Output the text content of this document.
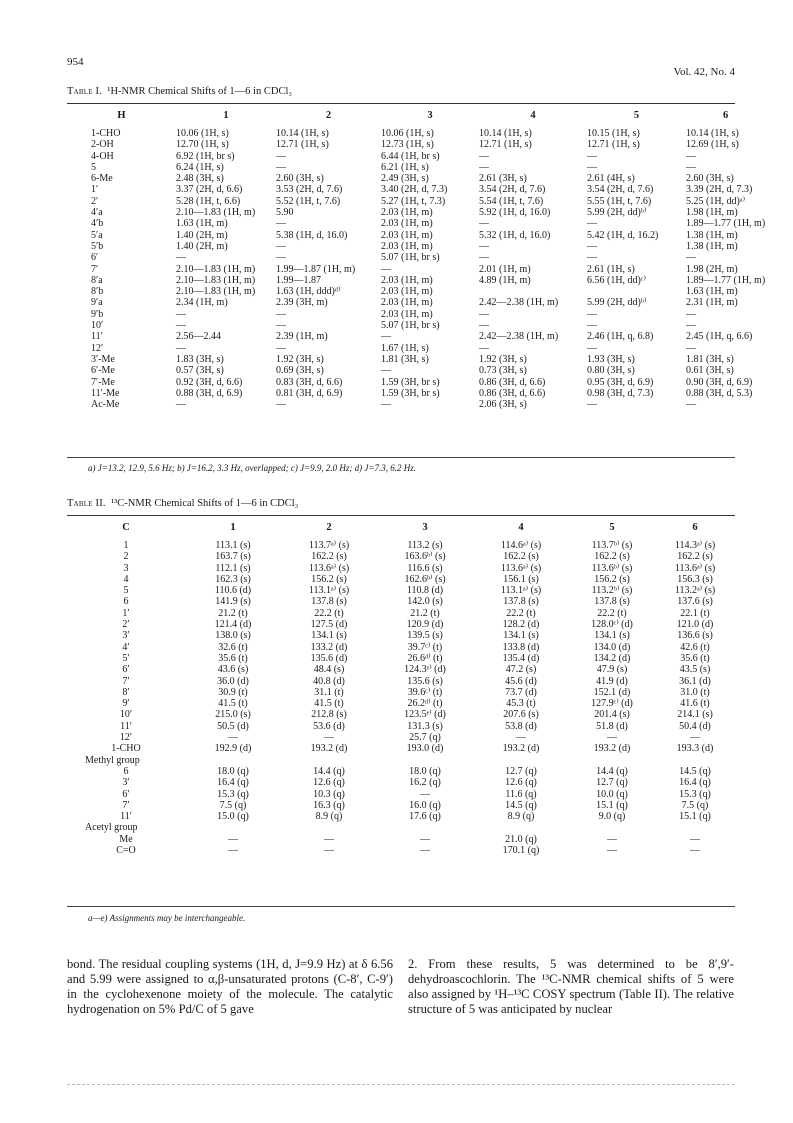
954
Vol. 42, No. 4
Table I. ¹H-NMR Chemical Shifts of 1—6 in CDCl₃
H	1	2	3	4	5	6
1-CHO	10.06 (1H, s)	10.14 (1H, s)	10.06 (1H, s)	10.14 (1H, s)	10.15 (1H, s)	10.14 (1H, s)
2-OH	12.70 (1H, s)	12.71 (1H, s)	12.73 (1H, s)	12.71 (1H, s)	12.71 (1H, s)	12.69 (1H, s)
4-OH	6.92 (1H, br s)	—	6.44 (1H, br s)	—	—	—
5	6.24 (1H, s)	—	6.21 (1H, s)	—	—	—
6-Me	2.48 (3H, s)	2.60 (3H, s)	2.49 (3H, s)	2.61 (3H, s)	2.61 (4H, s)	2.60 (3H, s)
1′	3.37 (2H, d, 6.6)	3.53 (2H, d, 7.6)	3.40 (2H, d, 7.3)	3.54 (2H, d, 7.6)	3.54 (2H, d, 7.6)	3.39 (2H, d, 7.3)
2′	5.28 (1H, t, 6.6)	5.52 (1H, t, 7.6)	5.27 (1H, t, 7.3)	5.54 (1H, t, 7.6)	5.55 (1H, t, 7.6)	5.25 (1H, dd)ᵃ⁾
4′a	2.10—1.83 (1H, m)	5.90	2.03 (1H, m)	5.92 (1H, d, 16.0)	5.99 (2H, dd)ᵇ⁾	1.98 (1H, m)
4′b	1.63 (1H, m)	—	2.03 (1H, m)	—	—	1.89—1.77 (1H, m)
5′a	1.40 (2H, m)	5.38 (1H, d, 16.0)	2.03 (1H, m)	5.32 (1H, d, 16.0)	5.42 (1H, d, 16.2)	1.38 (1H, m)
5′b	1.40 (2H, m)	—	2.03 (1H, m)	—	—	1.38 (1H, m)
6′	—	—	5.07 (1H, br s)	—	—	—
7′	2.10—1.83 (1H, m)	1.99—1.87 (1H, m)	—	2.01 (1H, m)	2.61 (1H, s)	1.98 (2H, m)
8′a	2.10—1.83 (1H, m)	1.99—1.87	2.03 (1H, m)	4.89 (1H, m)	6.56 (1H, dd)ᶜ⁾	1.89—1.77 (1H, m)
8′b	2.10—1.83 (1H, m)	1.63 (1H, ddd)ᵈ⁾	2.03 (1H, m)			1.63 (1H, m)
9′a	2.34 (1H, m)	2.39 (3H, m)	2.03 (1H, m)	2.42—2.38 (1H, m)	5.99 (2H, dd)ᵇ⁾	2.31 (1H, m)
9′b	—	—	2.03 (1H, m)	—	—	—
10′	—	—	5.07 (1H, br s)	—	—	—
11′	2.56—2.44	2.39 (1H, m)	—	2.42—2.38 (1H, m)	2.46 (1H, q, 6.8)	2.45 (1H, q, 6.6)
12′	—	—	1.67 (1H, s)	—	—	—
3′-Me	1.83 (3H, s)	1.92 (3H, s)	1.81 (3H, s)	1.92 (3H, s)	1.93 (3H, s)	1.81 (3H, s)
6′-Me	0.57 (3H, s)	0.69 (3H, s)	—	0.73 (3H, s)	0.80 (3H, s)	0.61 (3H, s)
7′-Me	0.92 (3H, d, 6.6)	0.83 (3H, d, 6.6)	1.59 (3H, br s)	0.86 (3H, d, 6.6)	0.95 (3H, d, 6.9)	0.90 (3H, d, 6.9)
11′-Me	0.88 (3H, d, 6.9)	0.81 (3H, d, 6.9)	1.59 (3H, br s)	0.86 (3H, d, 6.6)	0.98 (3H, d, 7.3)	0.88 (3H, d, 5.3)
Ac-Me	—	—	—	2.06 (3H, s)	—	—
a) J=13.2, 12.9, 5.6 Hz; b) J=16.2, 3.3 Hz, overlapped; c) J=9.9, 2.0 Hz; d) J=7.3, 6.2 Hz.
Table II. ¹³C-NMR Chemical Shifts of 1—6 in CDCl₃
C	1	2	3	4	5	6
1	113.1 (s)	113.7ᵃ⁾ (s)	113.2 (s)	114.6ᵃ⁾ (s)	113.7ᵇ⁾ (s)	114.3ᵃ⁾ (s)
2	163.7 (s)	162.2 (s)	163.6ᵇ⁾ (s)	162.2 (s)	162.2 (s)	162.2 (s)
3	112.1 (s)	113.6ᵃ⁾ (s)	116.6 (s)	113.6ᵃ⁾ (s)	113.6ᵇ⁾ (s)	113.6ᵃ⁾ (s)
4	162.3 (s)	156.2 (s)	162.6ᵇ⁾ (s)	156.1 (s)	156.2 (s)	156.3 (s)
5	110.6 (d)	113.1ᵃ⁾ (s)	110.8 (d)	113.1ᵃ⁾ (s)	113.2ᵇ⁾ (s)	113.2ᵃ⁾ (s)
6	141.9 (s)	137.8 (s)	142.0 (s)	137.8 (s)	137.8 (s)	137.6 (s)
1′	21.2 (t)	22.2 (t)	21.2 (t)	22.2 (t)	22.2 (t)	22.1 (t)
2′	121.4 (d)	127.5 (d)	120.9 (d)	128.2 (d)	128.0ᶜ⁾ (d)	121.0 (d)
3′	138.0 (s)	134.1 (s)	139.5 (s)	134.1 (s)	134.1 (s)	136.6 (s)
4′	32.6 (t)	133.2 (d)	39.7ᶜ⁾ (t)	133.8 (d)	134.0 (d)	42.6 (t)
5′	35.6 (t)	135.6 (d)	26.6ᵈ⁾ (t)	135.4 (d)	134.2 (d)	35.6 (t)
6′	43.6 (s)	48.4 (s)	124.3ᵉ⁾ (d)	47.2 (s)	47.9 (s)	43.5 (s)
7′	36.0 (d)	40.8 (d)	135.6 (s)	45.6 (d)	41.9 (d)	36.1 (d)
8′	30.9 (t)	31.1 (t)	39.6ᶜ⁾ (t)	73.7 (d)	152.1 (d)	31.0 (t)
9′	41.5 (t)	41.5 (t)	26.2ᵈ⁾ (t)	45.3 (t)	127.9ᶜ⁾ (d)	41.6 (t)
10′	215.0 (s)	212.8 (s)	123.5ᵉ⁾ (d)	207.6 (s)	201.4 (s)	214.1 (s)
11′	50.5 (d)	53.6 (d)	131.3 (s)	53.8 (d)	51.8 (d)	50.4 (d)
12′	—	—	25.7 (q)	—	—	—
1-CHO	192.9 (d)	193.2 (d)	193.0 (d)	193.2 (d)	193.2 (d)	193.3 (d)
Methyl group						
6	18.0 (q)	14.4 (q)	18.0 (q)	12.7 (q)	14.4 (q)	14.5 (q)
3′	16.4 (q)	12.6 (q)	16.2 (q)	12.6 (q)	12.7 (q)	16.4 (q)
6′	15.3 (q)	10.3 (q)	—	11.6 (q)	10.0 (q)	15.3 (q)
7′	7.5 (q)	16.3 (q)	16.0 (q)	14.5 (q)	15.1 (q)	7.5 (q)
11′	15.0 (q)	8.9 (q)	17.6 (q)	8.9 (q)	9.0 (q)	15.1 (q)
Acetyl group						
Me	—	—	—	21.0 (q)	—	—
C=O	—	—	—	170.1 (q)	—	—
a—e) Assignments may be interchangeable.
bond. The residual coupling systems (1H, d, J=9.9 Hz) at δ 6.56 and 5.99 were assigned to α,β-unsaturated protons (C-8′, C-9′) in the cyclohexenone moiety of the molecule. The catalytic hydrogenation on 5% Pd/C of 5 gave
2. From these results, 5 was determined to be 8′,9′-dehydroascochlorin. The ¹³C-NMR chemical shifts of 5 were also assigned by ¹H–¹³C COSY spectrum (Table II). The relative structure of 5 was anticipated by nuclear
